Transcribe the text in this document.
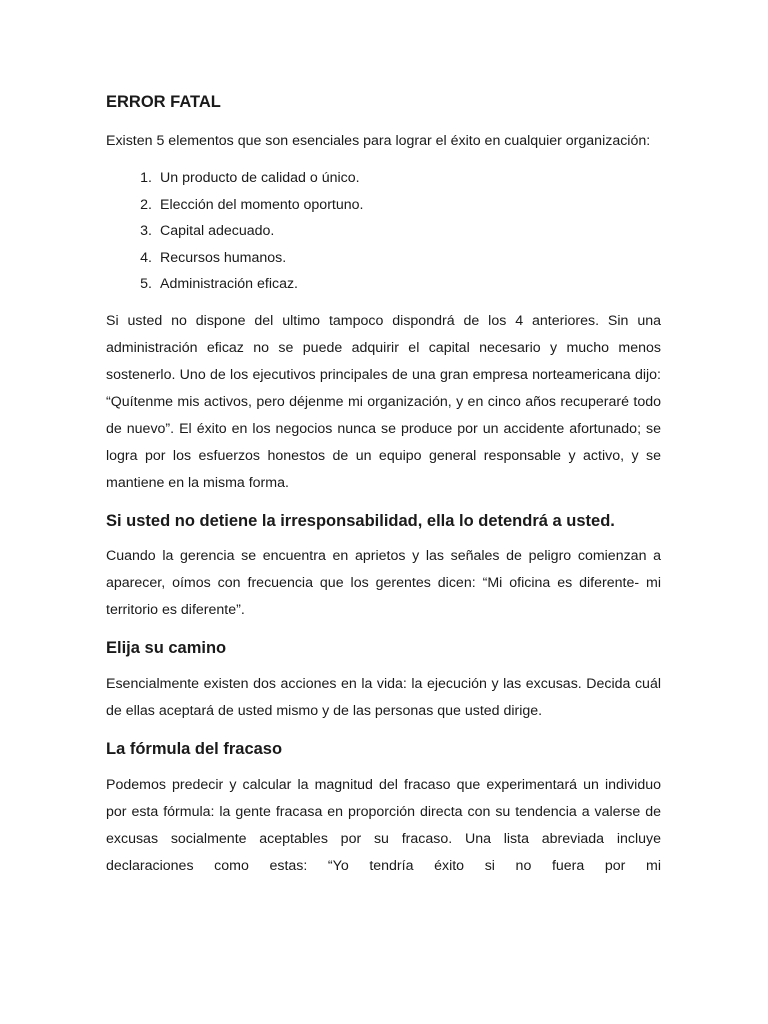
ERROR FATAL

Existen 5 elementos que son esenciales para lograr el éxito en cualquier organización:

1. Un producto de calidad o único.
2. Elección del momento oportuno.
3. Capital adecuado.
4. Recursos humanos.
5. Administración eficaz.

Si usted no dispone del ultimo tampoco dispondrá de los 4 anteriores. Sin una administración eficaz no se puede adquirir el capital necesario y mucho menos sostenerlo. Uno de los ejecutivos principales de una gran empresa norteamericana dijo: “Quítenme mis activos, pero déjenme mi organización, y en cinco años recuperaré todo de nuevo”. El éxito en los negocios nunca se produce por un accidente afortunado; se logra por los esfuerzos honestos de un equipo general responsable y activo, y se mantiene en la misma forma.

Si usted no detiene la irresponsabilidad, ella lo detendrá a usted.

Cuando la gerencia se encuentra en aprietos y las señales de peligro comienzan a aparecer, oímos con frecuencia que los gerentes dicen: “Mi oficina es diferente- mi territorio es diferente”.

Elija su camino

Esencialmente existen dos acciones en la vida: la ejecución y las excusas. Decida cuál de ellas aceptará de usted mismo y de las personas que usted dirige.

La fórmula del fracaso

Podemos predecir y calcular la magnitud del fracaso que experimentará un individuo por esta fórmula: la gente fracasa en proporción directa con su tendencia a valerse de excusas socialmente aceptables por su fracaso. Una lista abreviada incluye declaraciones como estas: “Yo tendría éxito si no fuera por mi
